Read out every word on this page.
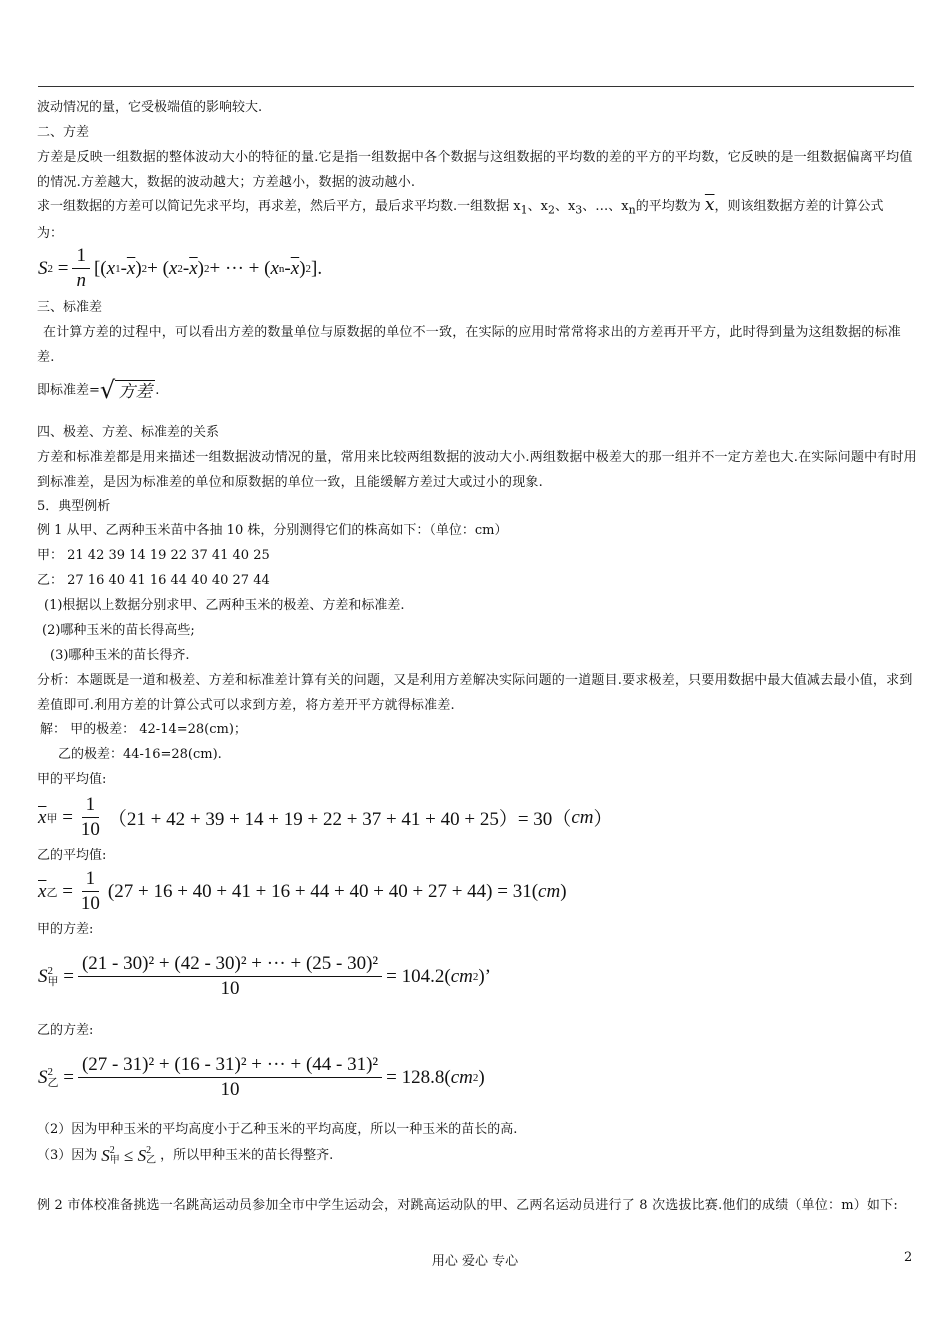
波动情况的量，它受极端值的影响较大.
二、方差
方差是反映一组数据的整体波动大小的特征的量.它是指一组数据中各个数据与这组数据的平均数的差的平方的平均数，它反映的是一组数据偏离平均值的情况.方差越大，数据的波动越大；方差越小，数据的波动越小.
求一组数据的方差可以简记先求平均，再求差，然后平方，最后求平均数.一组数据 $x_1$、$x_2$、$x_3$、…、$x_n$的平均数为 $\overline{x}$，则该组数据方差的计算公式
为：
S 2
= $\frac{1}{n}$ [( x $1 - \overline{x}$ ) 2 + ( x $2 - \overline{x}$ ) 2 + ··· + ( x n - $\overline{x}$ ) 2 ].
三、标准差
在计算方差的过程中，可以看出方差的数量单位与原数据的单位不一致，在实际的应用时常常将求出的方差再开平方，此时得到量为这组数据的标准差.
即标准差= √ 方差 .
四、极差、方差、标准差的关系
方差和标准差都是用来描述一组数据波动情况的量，常用来比较两组数据的波动大小.两组数据中极差大的那一组并不一定方差也大.在实际问题中有时用到标准差，是因为标准差的单位和原数据的单位一致，且能缓解方差过大或过小的现象.
5．典型例析
例 1 从甲、乙两种玉米苗中各抽 10 株，分别测得它们的株高如下：（单位：cm）
甲： 21 42 39 14 19 22 37 41 40 25
乙： 27 16 40 41 16 44 40 40 27 44
(1)根据以上数据分别求甲、乙两种玉米的极差、方差和标准差.
(2)哪种玉米的苗长得高些;
(3)哪种玉米的苗长得齐.
分析：本题既是一道和极差、方差和标准差计算有关的问题，又是利用方差解决实际问题的一道题目.要求极差，只要用数据中最大值减去最小值，求到差值即可.利用方差的计算公式可以求到方差，将方差开平方就得标准差.
解： 甲的极差： 42-14=28(cm)；
乙的极差：44-16=28(cm).
甲的平均值:
$\overline{x}$ 甲 = $\frac{1}{10} (21 + 42 + 39 + 14 + 19 + 22 + 37 + 41 + 40 + 25)= 30$（ cm ）
乙的平均值:
$\overline{x}$ 乙 = $\frac{1}{10} (27 + 16 + 40 + 41 + 16 + 44 + 40 + 40 + 27 + 44) = 31$( cm )
甲的方差:
S 2
甲 = $\frac{\text{(21 - 30)² + (42 - 30)² + ··· + (25 - 30)²}}{10} = 104.2$( cm 2 )’
乙的方差:
S 2
乙 = $\frac{\text{(27 - 31)² + (16 - 31)² + ··· + (44 - 31)²}}{10} = 128.8$( cm 2 )
（2）因为甲种玉米的平均高度小于乙种玉米的平均高度，所以一种玉米的苗长的高.
（3）因为 S 2
甲
≤
S 2
乙 ，所以甲种玉米的苗长得整齐.
例 2 市体校准备挑选一名跳高运动员参加全市中学生运动会，对跳高运动队的甲、乙两名运动员进行了 8 次选拔比赛.他们的成绩（单位：m）如下:
用心 爱心 专心	2
